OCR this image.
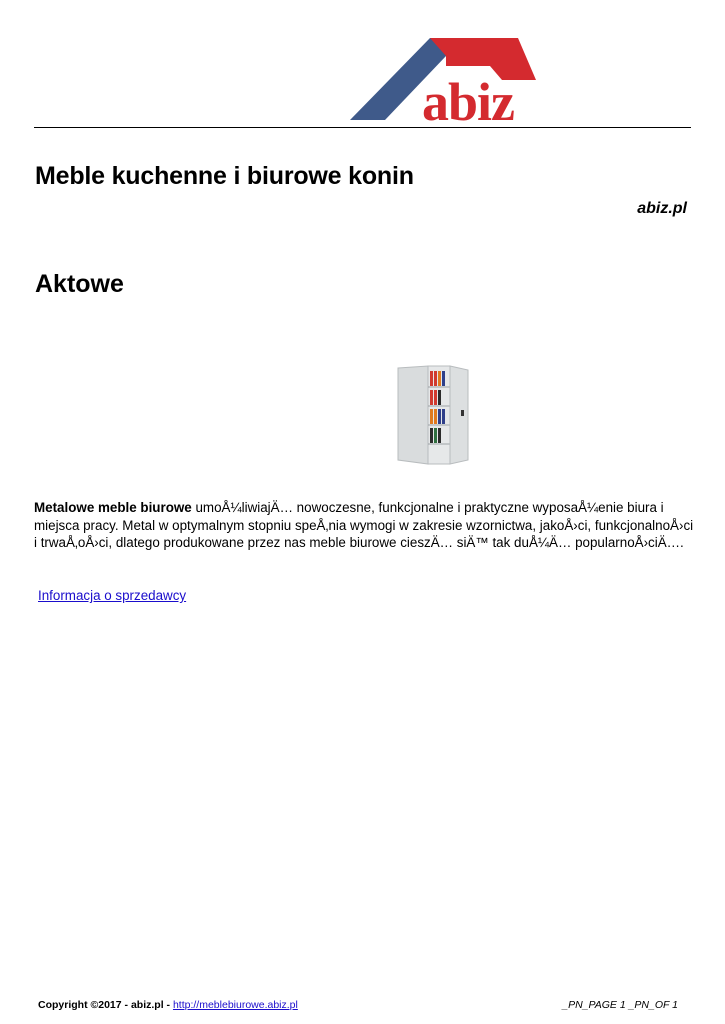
abiz
Meble kuchenne i biurowe konin
abiz.pl
Aktowe

Metalowe meble biurowe umoÅ¼liwiajÄ… nowoczesne, funkcjonalne i praktyczne wyposaÅ¼enie biura i miejsca pracy. Metal w optymalnym stopniu speÅ‚nia wymogi w zakresie wzornictwa, jakoÅ›ci, funkcjonalnoÅ›ci i trwaÅ‚oÅ›ci, dlatego produkowane przez nas meble biurowe cieszÄ… siÄ™ tak duÅ¼Ä… popularnoÅ›ciÄ….

Informacja o sprzedawcy
Copyright ©2017 - abiz.pl - http://meblebiurowe.abiz.pl	_PN_PAGE 1 _PN_OF 1
